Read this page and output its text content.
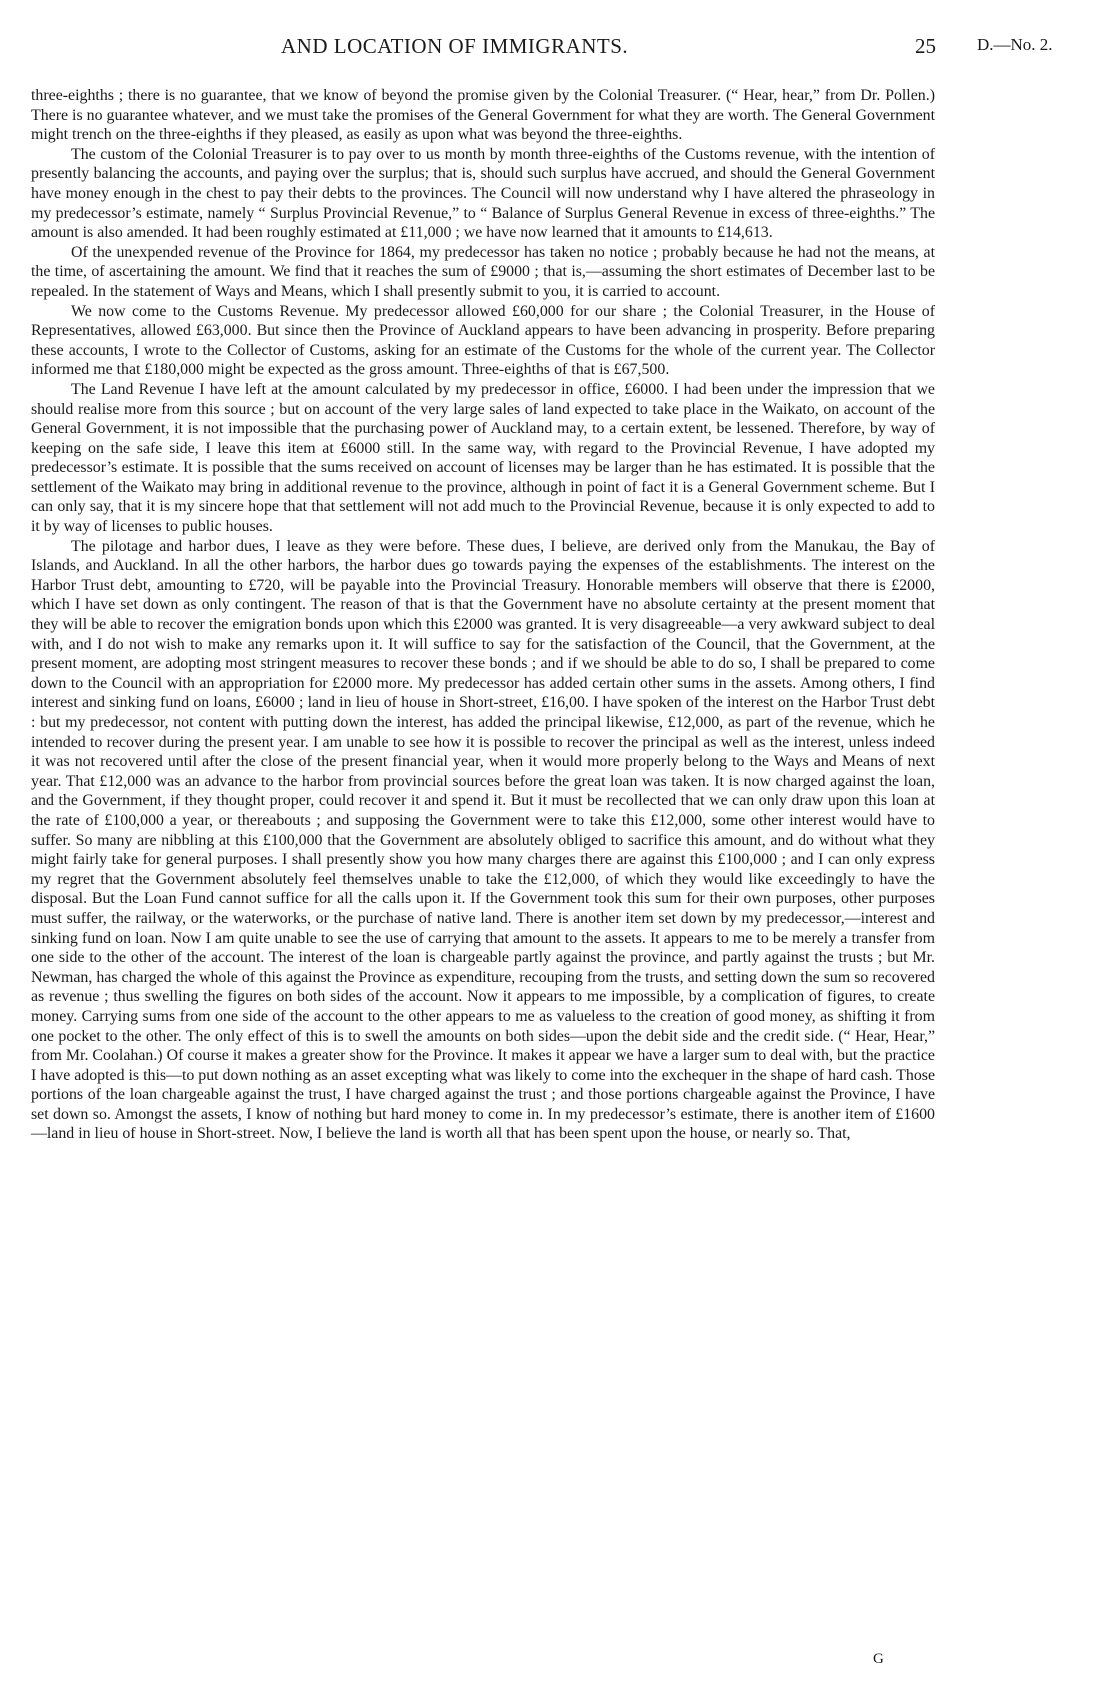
AND LOCATION OF IMMIGRANTS.	25 D.—No. 2.

three-eighths ; there is no guarantee, that we know of beyond the promise given by the Colonial Treasurer. (“ Hear, hear,” from Dr. Pollen.) There is no guarantee whatever, and we must take the promises of the General Government for what they are worth. The General Government might trench on the three-eighths if they pleased, as easily as upon what was beyond the three-eighths.

The custom of the Colonial Treasurer is to pay over to us month by month three-eighths of the Customs revenue, with the intention of presently balancing the accounts, and paying over the surplus; that is, should such surplus have accrued, and should the General Government have money enough in the chest to pay their debts to the provinces. The Council will now understand why I have altered the phraseology in my predecessor’s estimate, namely “ Surplus Provincial Revenue,” to “ Balance of Surplus General Revenue in excess of three-eighths.” The amount is also amended. It had been roughly estimated at £11,000 ; we have now learned that it amounts to £14,613.

Of the unexpended revenue of the Province for 1864, my predecessor has taken no notice ; probably because he had not the means, at the time, of ascertaining the amount. We find that it reaches the sum of £9000 ; that is,—assuming the short estimates of December last to be repealed. In the statement of Ways and Means, which I shall presently submit to you, it is carried to account.

We now come to the Customs Revenue. My predecessor allowed £60,000 for our share ; the Colonial Treasurer, in the House of Representatives, allowed £63,000. But since then the Province of Auckland appears to have been advancing in prosperity. Before preparing these accounts, I wrote to the Collector of Customs, asking for an estimate of the Customs for the whole of the current year. The Collector informed me that £180,000 might be expected as the gross amount. Three-eighths of that is £67,500.

The Land Revenue I have left at the amount calculated by my predecessor in office, £6000. I had been under the impression that we should realise more from this source ; but on account of the very large sales of land expected to take place in the Waikato, on account of the General Government, it is not impossible that the purchasing power of Auckland may, to a certain extent, be lessened. Therefore, by way of keeping on the safe side, I leave this item at £6000 still. In the same way, with regard to the Provincial Revenue, I have adopted my predecessor’s estimate. It is possible that the sums received on account of licenses may be larger than he has estimated. It is possible that the settlement of the Waikato may bring in additional revenue to the province, although in point of fact it is a General Government scheme. But I can only say, that it is my sincere hope that that settlement will not add much to the Provincial Revenue, because it is only expected to add to it by way of licenses to public houses.

The pilotage and harbor dues, I leave as they were before. These dues, I believe, are derived only from the Manukau, the Bay of Islands, and Auckland. In all the other harbors, the harbor dues go towards paying the expenses of the establishments. The interest on the Harbor Trust debt, amounting to £720, will be payable into the Provincial Treasury. Honorable members will observe that there is £2000, which I have set down as only contingent. The reason of that is that the Government have no absolute certainty at the present moment that they will be able to recover the emigration bonds upon which this £2000 was granted. It is very disagreeable—a very awkward subject to deal with, and I do not wish to make any remarks upon it. It will suffice to say for the satisfaction of the Council, that the Government, at the present moment, are adopting most stringent measures to recover these bonds ; and if we should be able to do so, I shall be prepared to come down to the Council with an appropriation for £2000 more. My predecessor has added certain other sums in the assets. Among others, I find interest and sinking fund on loans, £6000 ; land in lieu of house in Short-street, £16,00. I have spoken of the interest on the Harbor Trust debt : but my predecessor, not content with putting down the interest, has added the principal likewise, £12,000, as part of the revenue, which he intended to recover during the present year. I am unable to see how it is possible to recover the principal as well as the interest, unless indeed it was not recovered until after the close of the present financial year, when it would more properly belong to the Ways and Means of next year. That £12,000 was an advance to the harbor from provincial sources before the great loan was taken. It is now charged against the loan, and the Government, if they thought proper, could recover it and spend it. But it must be recollected that we can only draw upon this loan at the rate of £100,000 a year, or thereabouts ; and supposing the Government were to take this £12,000, some other interest would have to suffer. So many are nibbling at this £100,000 that the Government are absolutely obliged to sacrifice this amount, and do without what they might fairly take for general purposes. I shall presently show you how many charges there are against this £100,000 ; and I can only express my regret that the Government absolutely feel themselves unable to take the £12,000, of which they would like exceedingly to have the disposal. But the Loan Fund cannot suffice for all the calls upon it. If the Government took this sum for their own purposes, other purposes must suffer, the railway, or the waterworks, or the purchase of native land. There is another item set down by my predecessor,—interest and sinking fund on loan. Now I am quite unable to see the use of carrying that amount to the assets. It appears to me to be merely a transfer from one side to the other of the account. The interest of the loan is chargeable partly against the province, and partly against the trusts ; but Mr. Newman, has charged the whole of this against the Province as expenditure, recouping from the trusts, and setting down the sum so recovered as revenue ; thus swelling the figures on both sides of the account. Now it appears to me impossible, by a complication of figures, to create money. Carrying sums from one side of the account to the other appears to me as valueless to the creation of good money, as shifting it from one pocket to the other. The only effect of this is to swell the amounts on both sides—upon the debit side and the credit side. (“ Hear, Hear,” from Mr. Coolahan.) Of course it makes a greater show for the Province. It makes it appear we have a larger sum to deal with, but the practice I have adopted is this—to put down nothing as an asset excepting what was likely to come into the exchequer in the shape of hard cash. Those portions of the loan chargeable against the trust, I have charged against the trust ; and those portions chargeable against the Province, I have set down so. Amongst the assets, I know of nothing but hard money to come in. In my predecessor’s estimate, there is another item of £1600—land in lieu of house in Short-street. Now, I believe the land is worth all that has been spent upon the house, or nearly so. That,

G
